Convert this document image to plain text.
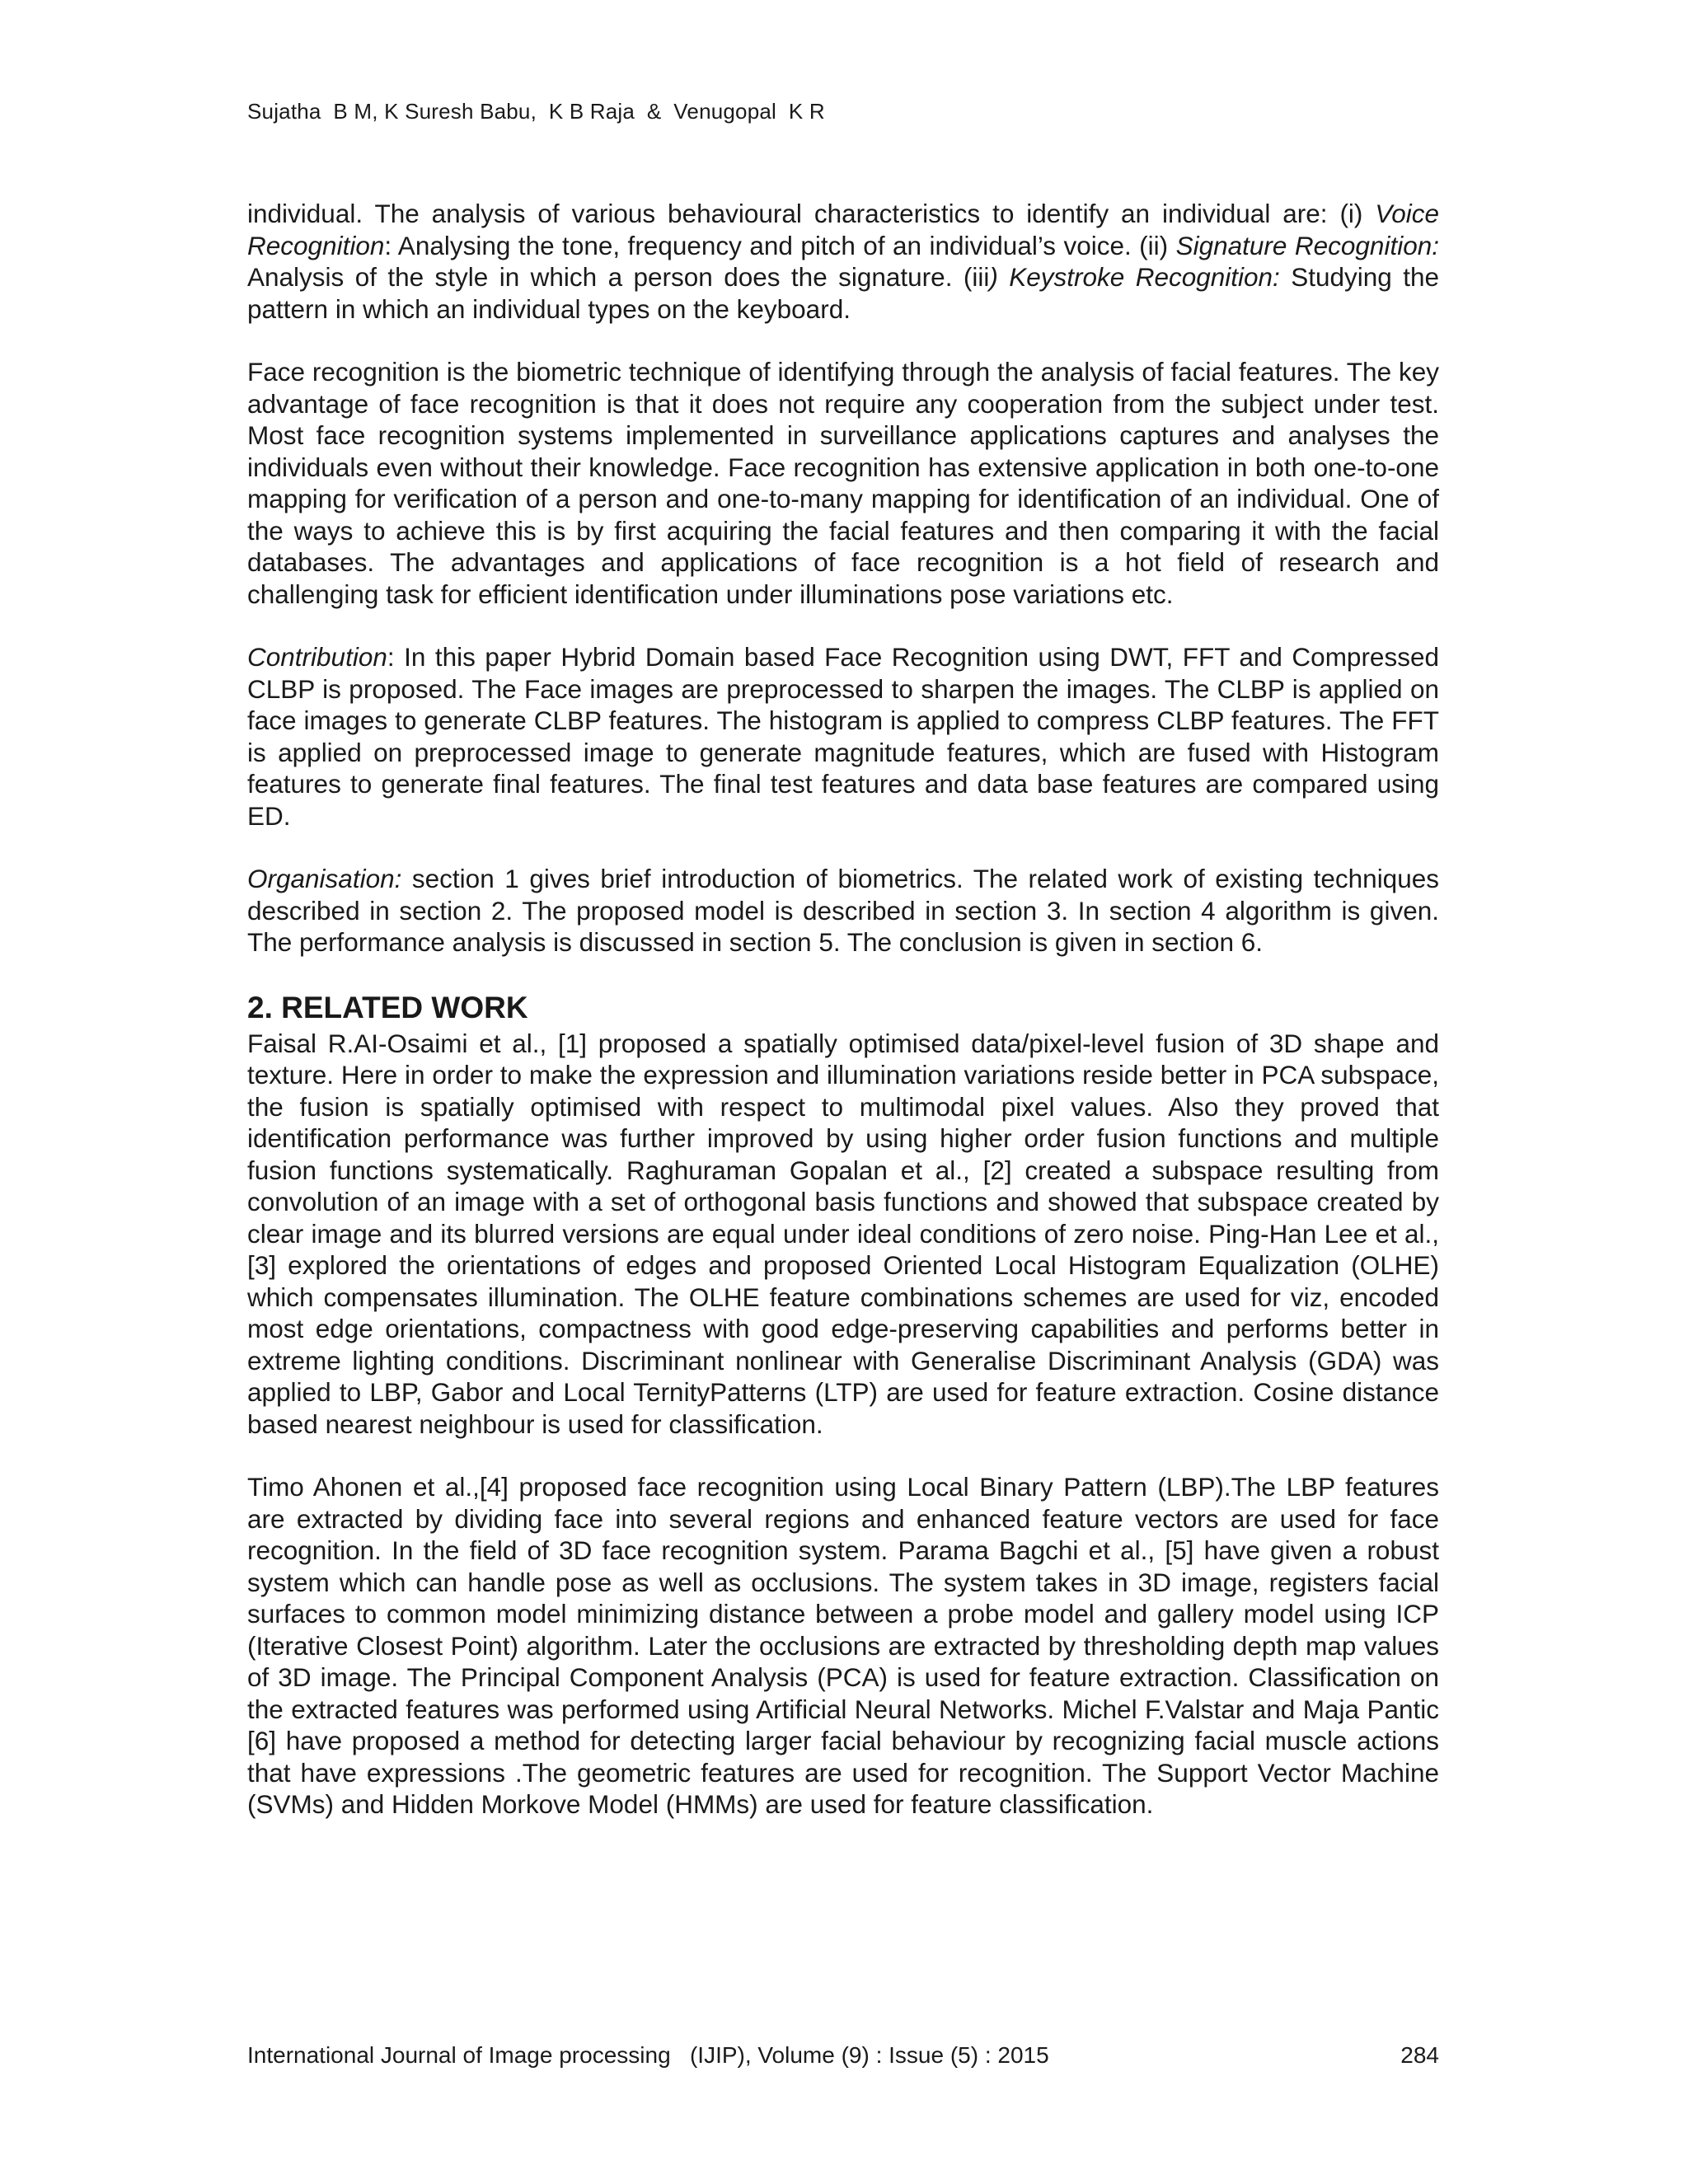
Sujatha  B M, K Suresh Babu,  K B Raja  &  Venugopal  K R

individual. The analysis of various behavioural characteristics to identify an individual are: (i) Voice Recognition: Analysing the tone, frequency and pitch of an individual’s voice. (ii) Signature Recognition: Analysis of the style in which a person does the signature. (iii) Keystroke Recognition: Studying the pattern in which an individual types on the keyboard.

Face recognition is the biometric technique of identifying through the analysis of facial features. The key advantage of face recognition is that it does not require any cooperation from the subject under test. Most face recognition systems implemented in surveillance applications captures and analyses the individuals even without their knowledge. Face recognition has extensive application in both one-to-one mapping for verification of a person and one-to-many mapping for identification of an individual. One of the ways to achieve this is by first acquiring the facial features and then comparing it with the facial databases. The advantages and applications of face recognition is a hot field of research and challenging task for efficient identification under illuminations pose variations etc.

Contribution: In this paper Hybrid Domain based Face Recognition using DWT, FFT and Compressed CLBP is proposed. The Face images are preprocessed to sharpen the images. The CLBP is applied on face images to generate CLBP features. The histogram is applied to compress CLBP features. The FFT is applied on preprocessed image to generate magnitude features, which are fused with Histogram features to generate final features. The final test features and data base features are compared using ED.

Organisation: section 1 gives brief introduction of biometrics. The related work of existing techniques described in section 2. The proposed model is described in section 3. In section 4 algorithm is given. The performance analysis is discussed in section 5. The conclusion is given in section 6.

2. RELATED WORK

Faisal R.AI-Osaimi et al., [1] proposed a spatially optimised data/pixel-level fusion of 3D shape and texture. Here in order to make the expression and illumination variations reside better in PCA subspace, the fusion is spatially optimised with respect to multimodal pixel values. Also they proved that identification performance was further improved by using higher order fusion functions and multiple fusion functions systematically. Raghuraman Gopalan et al., [2] created a subspace resulting from convolution of an image with a set of orthogonal basis functions and showed that subspace created by clear image and its blurred versions are equal under ideal conditions of zero noise. Ping-Han Lee et al., [3] explored the orientations of edges and proposed Oriented Local Histogram Equalization (OLHE) which compensates illumination. The OLHE feature combinations schemes are used for viz, encoded most edge orientations, compactness with good edge-preserving capabilities and performs better in extreme lighting conditions. Discriminant nonlinear with Generalise Discriminant Analysis (GDA) was applied to LBP, Gabor and Local TernityPatterns (LTP) are used for feature extraction. Cosine distance based nearest neighbour is used for classification.

Timo Ahonen et al.,[4] proposed face recognition using Local Binary Pattern (LBP).The LBP features are extracted by dividing face into several regions and enhanced feature vectors are used for face recognition. In the field of 3D face recognition system. Parama Bagchi et al., [5] have given a robust system which can handle pose as well as occlusions. The system takes in 3D image, registers facial surfaces to common model minimizing distance between a probe model and gallery model using ICP (Iterative Closest Point) algorithm. Later the occlusions are extracted by thresholding depth map values of 3D image. The Principal Component Analysis (PCA) is used for feature extraction. Classification on the extracted features was performed using Artificial Neural Networks. Michel F.Valstar and Maja Pantic [6] have proposed a method for detecting larger facial behaviour by recognizing facial muscle actions that have expressions .The geometric features are used for recognition. The Support Vector Machine (SVMs) and Hidden Morkove Model (HMMs) are used for feature classification.

International Journal of Image processing   (IJIP), Volume (9) : Issue (5) : 2015	284
